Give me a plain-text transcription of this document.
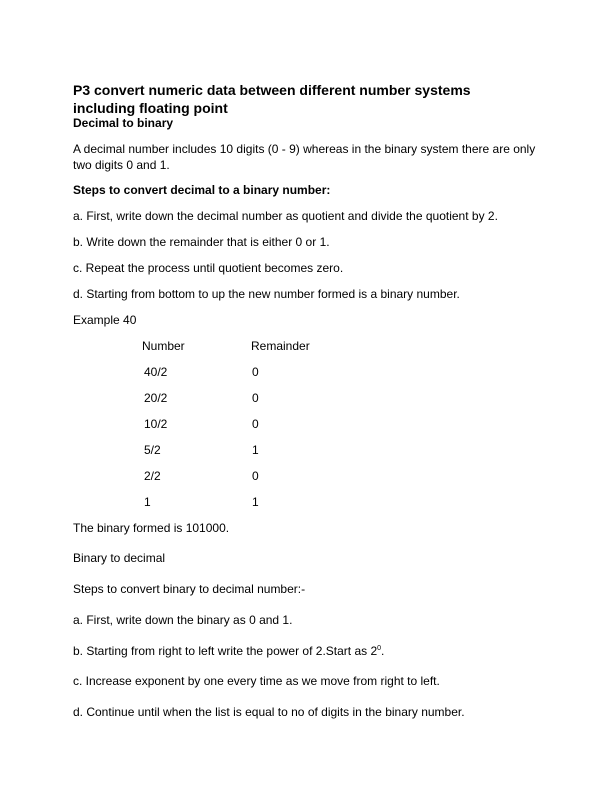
P3 convert numeric data between different number systems including floating point
Decimal to binary
A decimal number includes 10 digits (0 - 9) whereas in the binary system there are only two digits 0 and 1.
Steps to convert decimal to a binary number:
a. First, write down the decimal number as quotient and divide the quotient by 2.
b. Write down the remainder that is either 0 or 1.
c. Repeat the process until quotient becomes zero.
d. Starting from bottom to up the new number formed is a binary number.
Example 40
Number	Remainder
40/2	0
20/2	0
10/2	0
5/2	1
2/2	0
1	1
The binary formed is 101000.
Binary to decimal
Steps to convert binary to decimal number:-
a. First, write down the binary as 0 and 1.
b. Starting from right to left write the power of 2.Start as $2^0$.
c. Increase exponent by one every time as we move from right to left.
d. Continue until when the list is equal to no of digits in the binary number.
